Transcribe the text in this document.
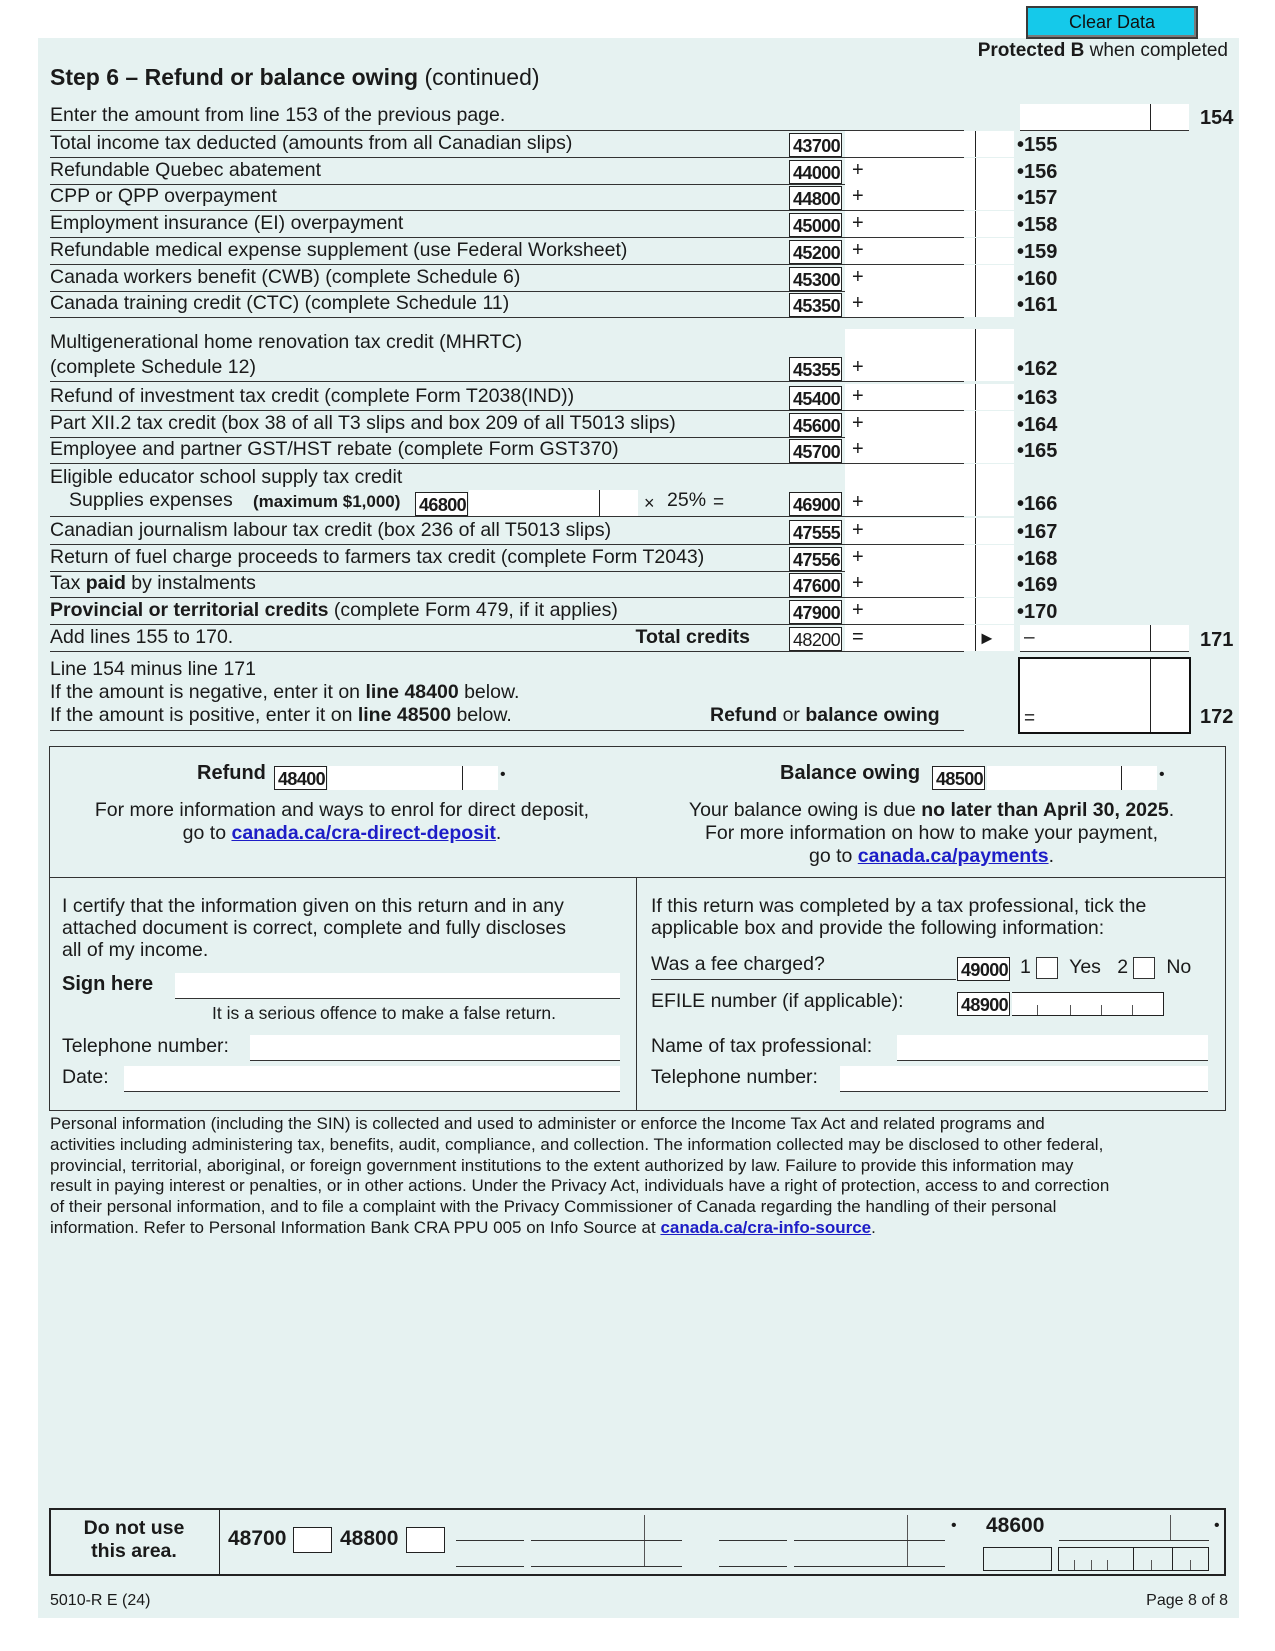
Clear Data
Protected B when completed
Step 6 – Refund or balance owing (continued)
Enter the amount from line 153 of the previous page.	154
Total income tax deducted (amounts from all Canadian slips)	43700	•155
Refundable Quebec abatement	44000 +	•156
CPP or QPP overpayment	44800 +	•157
Employment insurance (EI) overpayment	45000 +	•158
Refundable medical expense supplement (use Federal Worksheet)	45200 +	•159
Canada workers benefit (CWB) (complete Schedule 6)	45300 +	•160
Canada training credit (CTC) (complete Schedule 11)	45350 +	•161
Multigenerational home renovation tax credit (MHRTC)
(complete Schedule 12)	45355 +	•162
Refund of investment tax credit (complete Form T2038(IND))	45400 +	•163
Part XII.2 tax credit (box 38 of all T3 slips and box 209 of all T5013 slips)	45600 +	•164
Employee and partner GST/HST rebate (complete Form GST370)	45700 +	•165
Eligible educator school supply tax credit
Supplies expenses (maximum $1,000) 46800	× 25% =	46900 +	•166
Canadian journalism labour tax credit (box 236 of all T5013 slips)	47555 +	•167
Return of fuel charge proceeds to farmers tax credit (complete Form T2043)	47556 +	•168
Tax paid by instalments	47600 +	•169
Provincial or territorial credits (complete Form 479, if it applies)	47900 +	•170
Add lines 155 to 170.	Total credits 48200 =	► –	171
Line 154 minus line 171
If the amount is negative, enter it on line 48400 below.
If the amount is positive, enter it on line 48500 below.	Refund or balance owing	=	172
Refund 48400	•
For more information and ways to enrol for direct deposit,
go to canada.ca/cra-direct-deposit.
Balance owing 48500	•
Your balance owing is due no later than April 30, 2025.
For more information on how to make your payment,
go to canada.ca/payments.
I certify that the information given on this return and in any
attached document is correct, complete and fully discloses
all of my income.
Sign here
It is a serious offence to make a false return.
Telephone number:
Date:
If this return was completed by a tax professional, tick the
applicable box and provide the following information:
Was a fee charged?	49000 1 Yes 2 No
EFILE number (if applicable):	48900
Name of tax professional:
Telephone number:
Personal information (including the SIN) is collected and used to administer or enforce the Income Tax Act and related programs and
activities including administering tax, benefits, audit, compliance, and collection. The information collected may be disclosed to other federal,
provincial, territorial, aboriginal, or foreign government institutions to the extent authorized by law. Failure to provide this information may
result in paying interest or penalties, or in other actions. Under the Privacy Act, individuals have a right of protection, access to and correction
of their personal information, and to file a complaint with the Privacy Commissioner of Canada regarding the handling of their personal
information. Refer to Personal Information Bank CRA PPU 005 on Info Source at canada.ca/cra-info-source.
Do not use
this area.
48700	48800
• 48600	•
5010-R E (24)	Page 8 of 8
